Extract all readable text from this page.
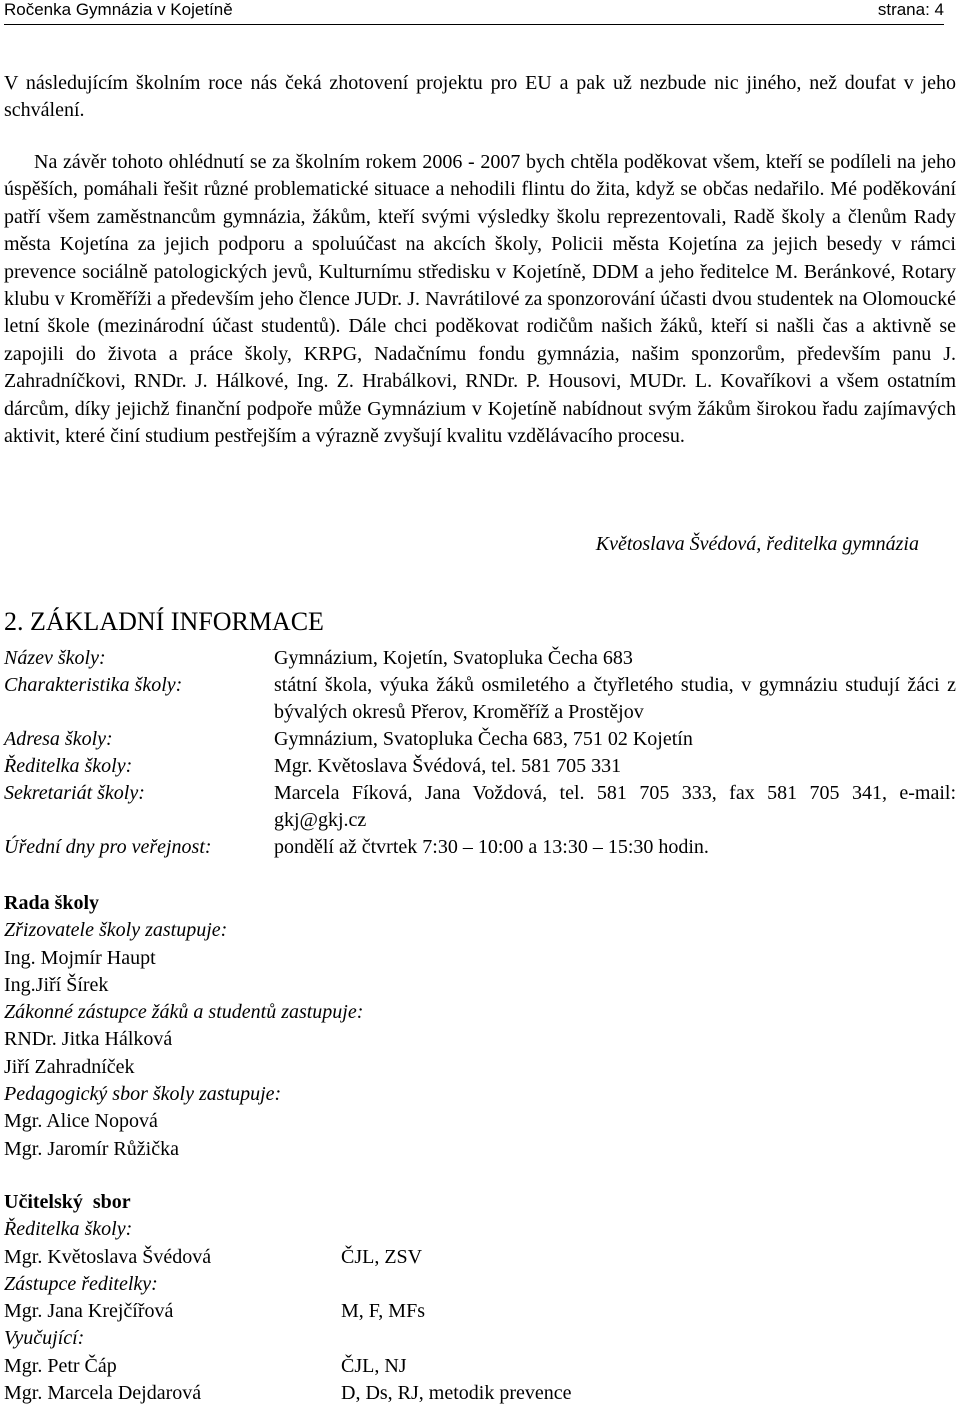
Ročenka Gymnázia v Kojetíně	strana: 4
V následujícím školním roce nás čeká zhotovení projektu pro EU a pak už nezbude nic jiného, než doufat v jeho schválení.
Na závěr tohoto ohlédnutí se za školním rokem 2006 - 2007 bych chtěla poděkovat všem, kteří se podíleli na jeho úspěších, pomáhali řešit různé problematické situace a nehodili flintu do žita, když se občas nedařilo. Mé poděkování patří všem zaměstnancům gymnázia, žákům, kteří svými výsledky školu reprezentovali, Radě školy a členům Rady města Kojetína za jejich podporu a spoluúčast na akcích školy, Policii města Kojetína za jejich besedy v rámci prevence sociálně patologických jevů, Kulturnímu středisku v Kojetíně, DDM a jeho ředitelce M. Beránkové, Rotary klubu v Kroměříži a především jeho člence JUDr. J. Navrátilové za sponzorování účasti dvou studentek na Olomoucké letní škole (mezinárodní účast studentů). Dále chci poděkovat rodičům našich žáků, kteří si našli čas a aktivně se zapojili do života a práce školy, KRPG, Nadačnímu fondu gymnázia, našim sponzorům, především panu J. Zahradníčkovi, RNDr. J. Hálkové, Ing. Z. Hrabálkovi, RNDr. P. Housovi, MUDr. L. Kovaříkovi a všem ostatním dárcům, díky jejichž finanční podpoře může Gymnázium v Kojetíně nabídnout svým žákům širokou řadu zajímavých aktivit, které činí studium pestřejším a výrazně zvyšují kvalitu vzdělávacího procesu.
Květoslava Švédová, ředitelka gymnázia
2. ZÁKLADNÍ INFORMACE
Název školy:	Gymnázium, Kojetín, Svatopluka Čecha 683
Charakteristika školy:	státní škola, výuka žáků osmiletého a čtyřletého studia, v gymnáziu studují žáci z bývalých okresů Přerov, Kroměříž a Prostějov
Adresa školy:	Gymnázium, Svatopluka Čecha 683, 751 02 Kojetín
Ředitelka školy:	Mgr. Květoslava Švédová, tel. 581 705 331
Sekretariát školy:	Marcela Fíková, Jana Voždová, tel. 581 705 333, fax 581 705 341, e-mail: gkj@gkj.cz
Úřední dny pro veřejnost:	pondělí až čtvrtek 7:30 – 10:00 a 13:30 – 15:30 hodin.
Rada školy
Zřizovatele školy zastupuje:
Ing. Mojmír Haupt
Ing.Jiří Šírek
Zákonné zástupce žáků a studentů zastupuje:
RNDr. Jitka Hálková
Jiří Zahradníček
Pedagogický sbor školy zastupuje:
Mgr. Alice Nopová
Mgr. Jaromír Růžička
Učitelský  sbor
Ředitelka školy:
Mgr. Květoslava Švédová	ČJL, ZSV
Zástupce ředitelky:
Mgr. Jana Krejčířová	M, F, MFs
Vyučující:
Mgr. Petr Čáp	ČJL, NJ
Mgr. Marcela Dejdarová	D, Ds, RJ, metodik prevence
